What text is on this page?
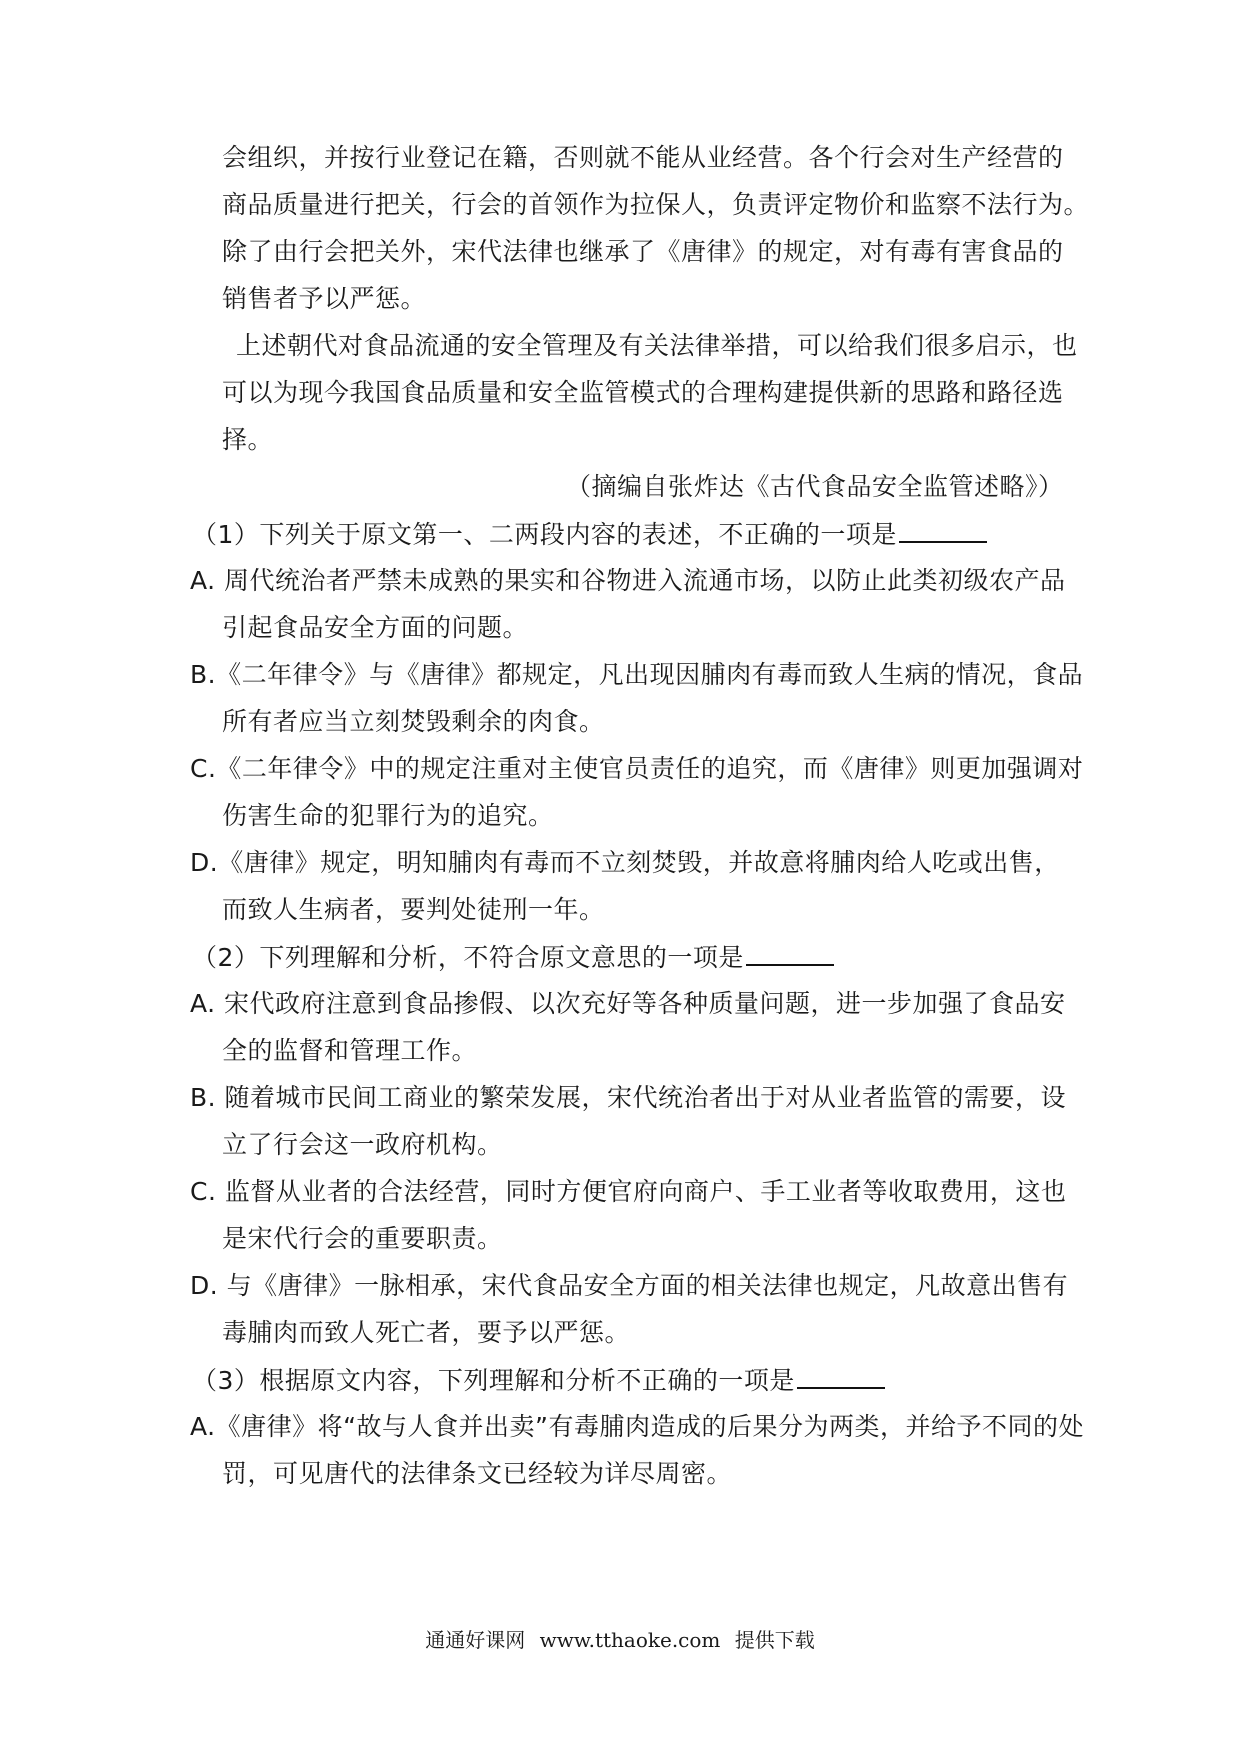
会组织，并按行业登记在籍，否则就不能从业经营。各个行会对生产经营的
商品质量进行把关，行会的首领作为拉保人，负责评定物价和监察不法行为。
除了由行会把关外，宋代法律也继承了《唐律》的规定，对有毒有害食品的
销售者予以严惩。
上述朝代对食品流通的安全管理及有关法律举措，可以给我们很多启示，也
可以为现今我国食品质量和安全监管模式的合理构建提供新的思路和路径选
择。
（摘编自张炸达《古代食品安全监管述略》）
（1）下列关于原文第一、二两段内容的表述，不正确的一项是
A. 周代统治者严禁未成熟的果实和谷物进入流通市场，以防止此类初级农产品
引起食品安全方面的问题。
B.《二年律令》与《唐律》都规定，凡出现因脯肉有毒而致人生病的情况，食品
所有者应当立刻焚毁剩余的肉食。
C.《二年律令》中的规定注重对主使官员责任的追究，而《唐律》则更加强调对
伤害生命的犯罪行为的追究。
D.《唐律》规定，明知脯肉有毒而不立刻焚毁，并故意将脯肉给人吃或出售，
而致人生病者，要判处徒刑一年。
（2）下列理解和分析，不符合原文意思的一项是
A. 宋代政府注意到食品掺假、以次充好等各种质量问题，进一步加强了食品安
全的监督和管理工作。
B. 随着城市民间工商业的繁荣发展，宋代统治者出于对从业者监管的需要，设
立了行会这一政府机构。
C. 监督从业者的合法经营，同时方便官府向商户、手工业者等收取费用，这也
是宋代行会的重要职责。
D. 与《唐律》一脉相承，宋代食品安全方面的相关法律也规定，凡故意出售有
毒脯肉而致人死亡者，要予以严惩。
（3）根据原文内容，下列理解和分析不正确的一项是
A.《唐律》将“故与人食并出卖”有毒脯肉造成的后果分为两类，并给予不同的处
罚，可见唐代的法律条文已经较为详尽周密。
通通好课网 www.tthaoke.com 提供下载
